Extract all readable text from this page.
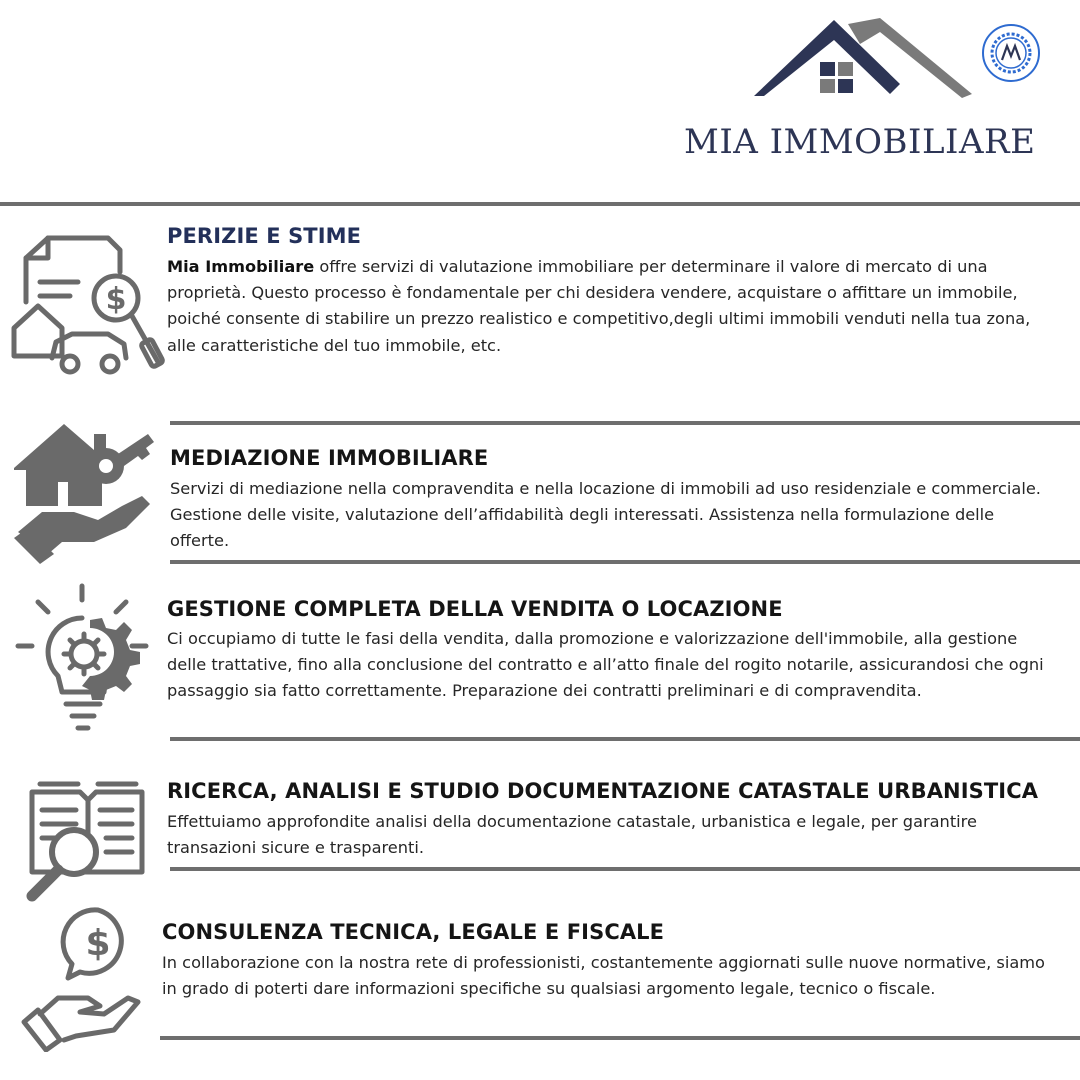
MIA IMMOBILIARE
$
PERIZIE E STIME
Mia Immobiliare offre servizi di valutazione immobiliare per determinare il valore di mercato di una proprietà. Questo processo è fondamentale per chi desidera vendere, acquistare o affittare un immobile, poiché consente di stabilire un prezzo realistico e competitivo,degli ultimi immobili venduti nella tua zona, alle caratteristiche del tuo immobile, etc.
MEDIAZIONE IMMOBILIARE
Servizi di mediazione nella compravendita e nella locazione di immobili ad uso residenziale e commerciale. Gestione delle visite, valutazione dell’affidabilità degli interessati. Assistenza nella formulazione delle offerte.
GESTIONE COMPLETA DELLA VENDITA O LOCAZIONE
Ci occupiamo di tutte le fasi della vendita, dalla promozione e valorizzazione dell'immobile, alla gestione delle trattative, fino alla conclusione del contratto e all’atto finale del rogito notarile, assicurandosi che ogni passaggio sia fatto correttamente. Preparazione dei contratti preliminari e di compravendita.
RICERCA, ANALISI E STUDIO DOCUMENTAZIONE CATASTALE URBANISTICA
Effettuiamo approfondite analisi della documentazione catastale, urbanistica e legale, per garantire transazioni sicure e trasparenti.
$ CONSULENZA TECNICA, LEGALE E FISCALE
In collaborazione con la nostra rete di professionisti, costantemente aggiornati sulle nuove normative, siamo in grado di poterti dare informazioni specifiche su qualsiasi argomento legale, tecnico o fiscale.
